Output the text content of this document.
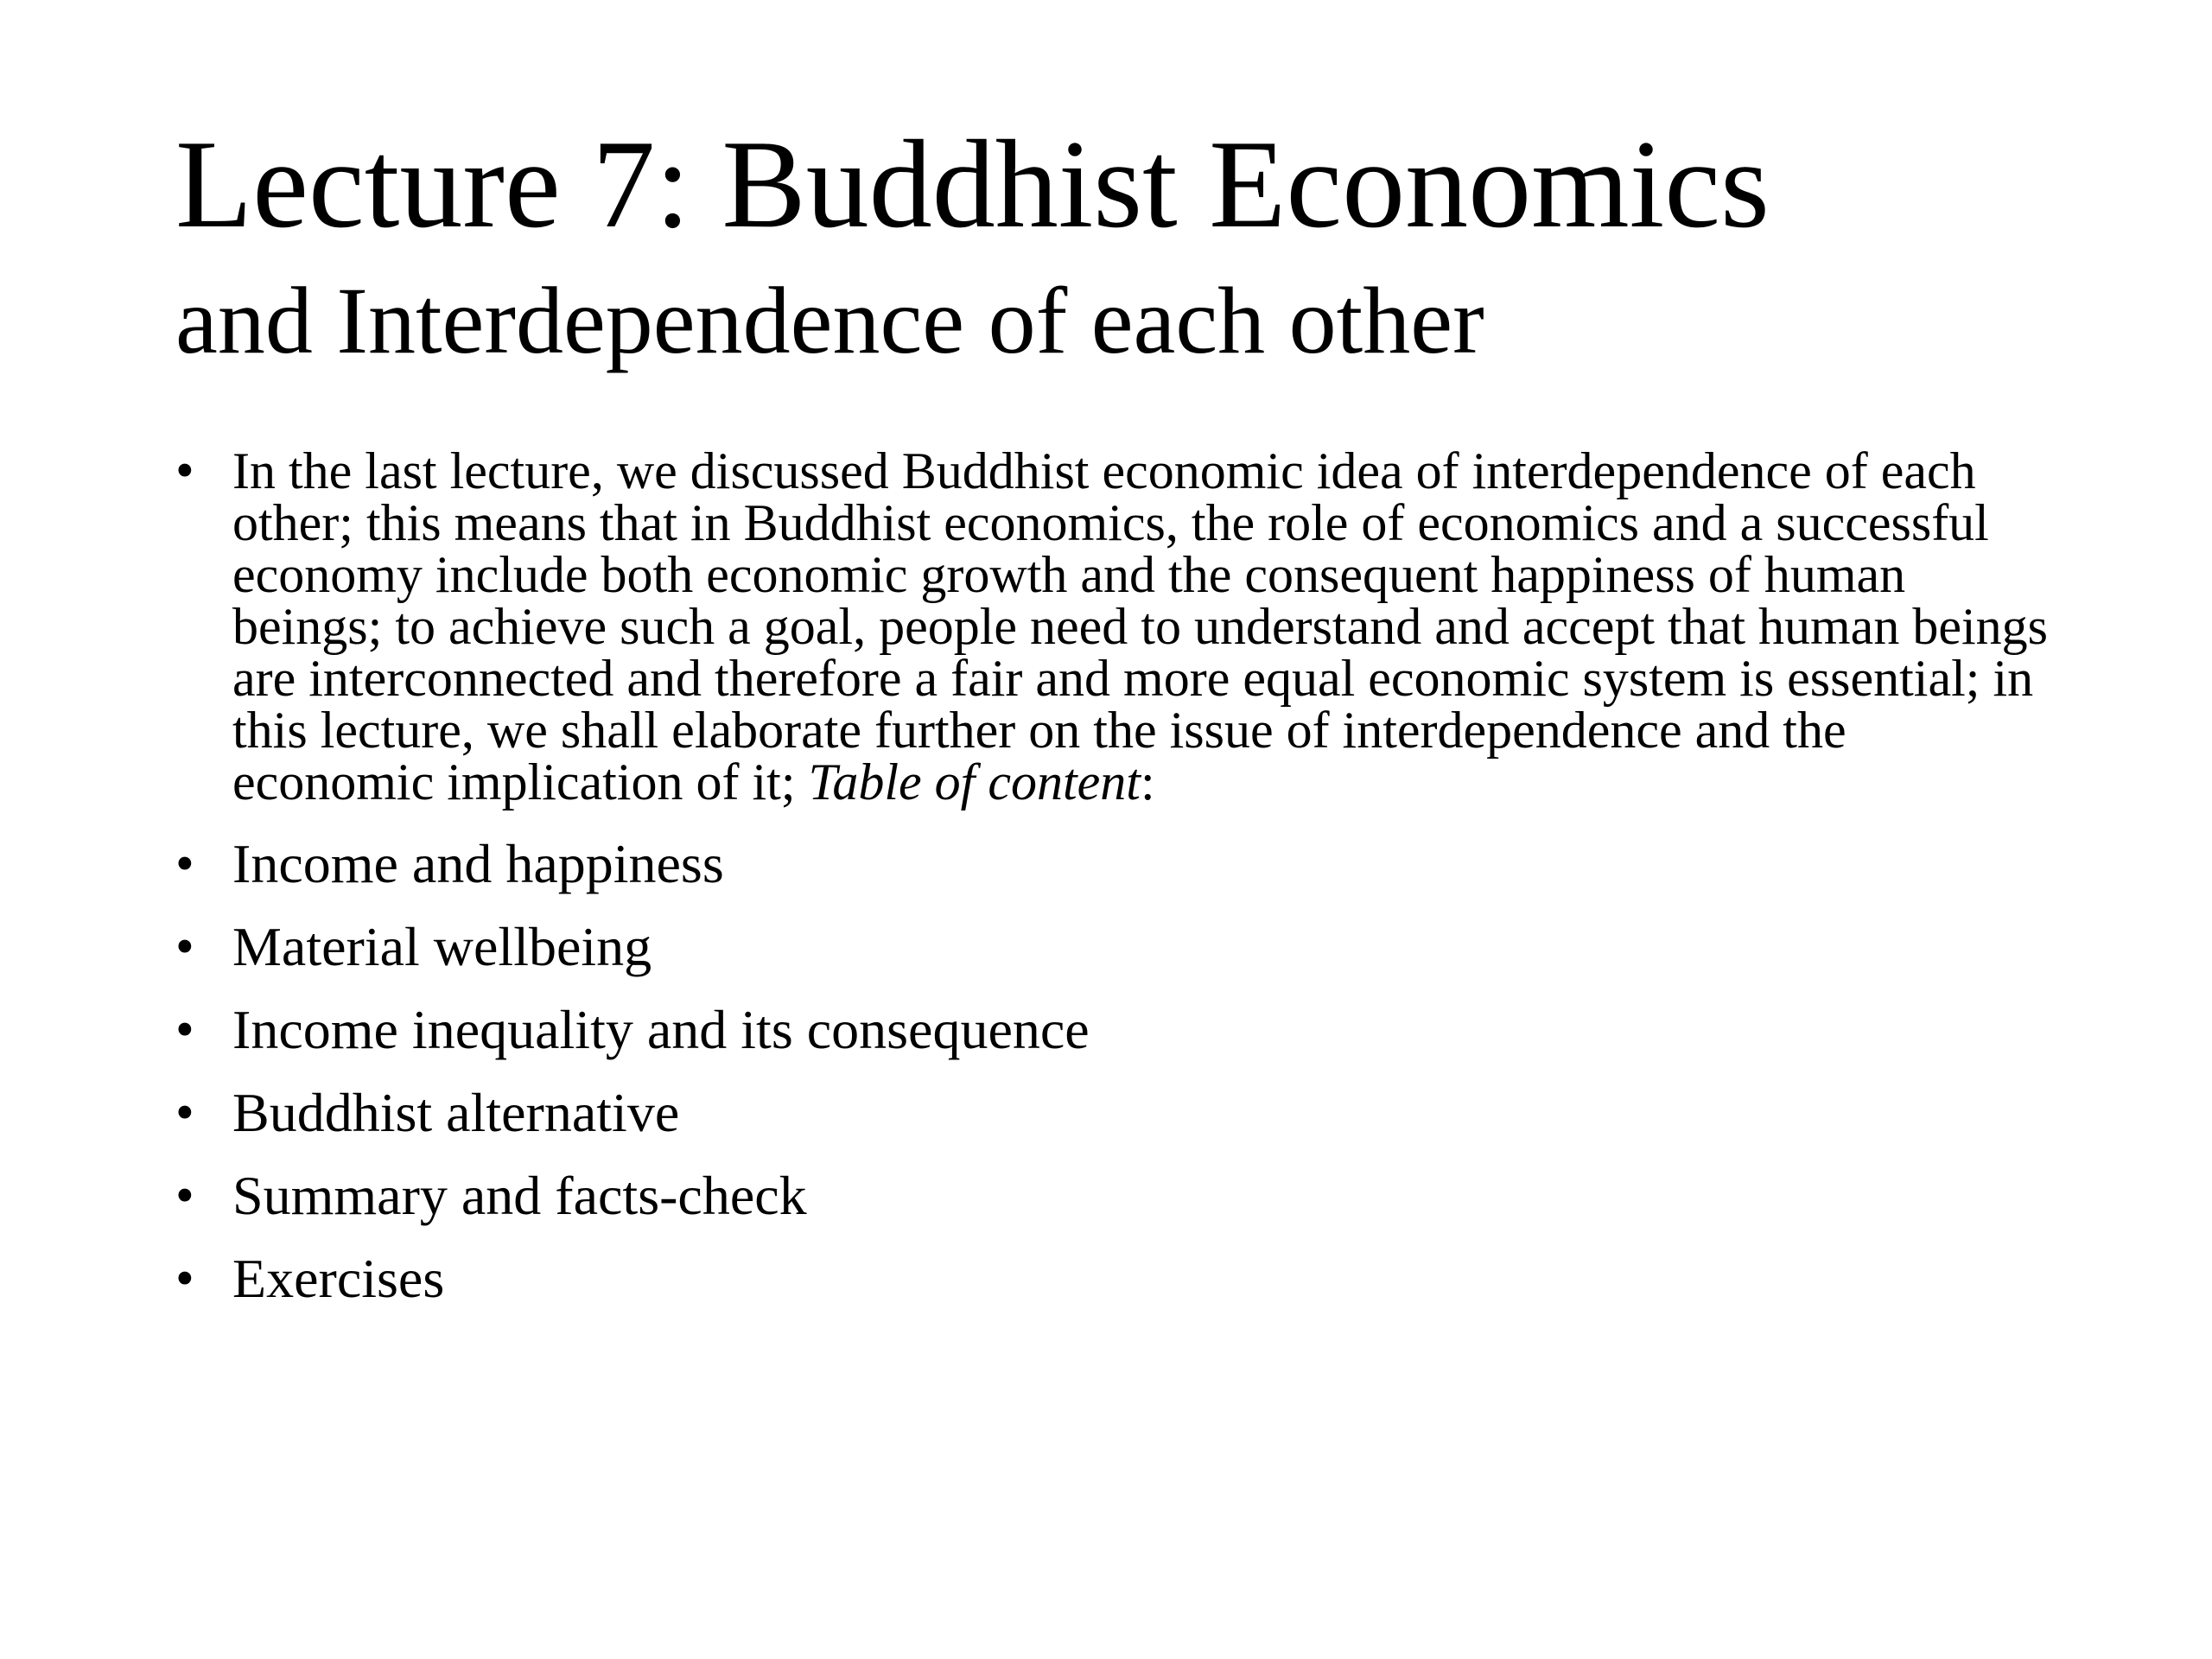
Lecture 7: Buddhist Economics
and Interdependence of each other
• In the last lecture, we discussed Buddhist economic idea of interdependence of each other; this means that in Buddhist economics, the role of economics and a successful economy include both economic growth and the consequent happiness of human beings; to achieve such a goal, people need to understand and accept that human beings are interconnected and therefore a fair and more equal economic system is essential; in this lecture, we shall elaborate further on the issue of interdependence and the economic implication of it; Table of content:
• Income and happiness
• Material wellbeing
• Income inequality and its consequence
• Buddhist alternative
• Summary and facts-check
• Exercises
